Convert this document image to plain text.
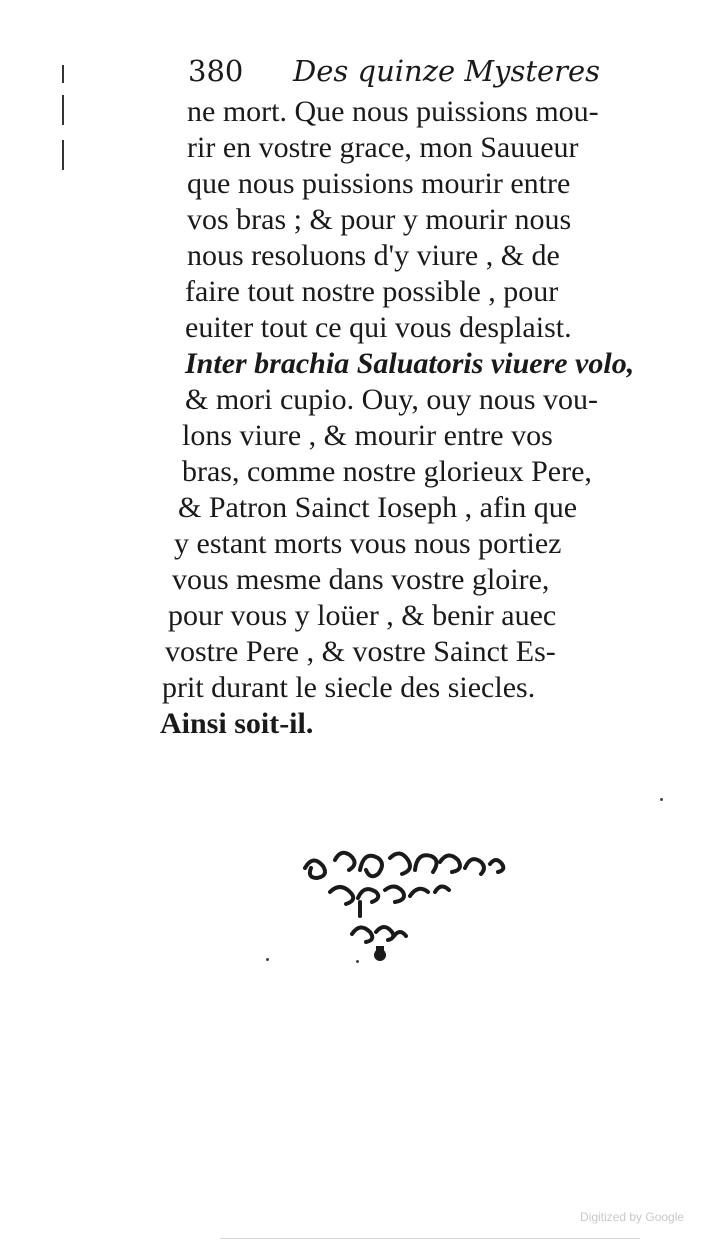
380 Des quinze Mysteres
ne mort. Que nous puissions mou-
rir en vostre grace, mon Sauueur
que nous puissions mourir entre
vos bras ; & pour y mourir nous
nous resoluons d'y viure , & de
faire tout nostre possible , pour
euiter tout ce qui vous desplaist.
Inter brachia Saluatoris viuere volo,
& mori cupio. Ouy, ouy nous vou-
lons viure , & mourir entre vos
bras, comme nostre glorieux Pere,
& Patron Sainct Ioseph , afin que
y estant morts vous nous portiez
vous mesme dans vostre gloire,
pour vous y loüer , & benir auec
vostre Pere , & vostre Sainct Es-
prit durant le siecle des siecles.
Ainsi soit-il.
Digitized by Google
